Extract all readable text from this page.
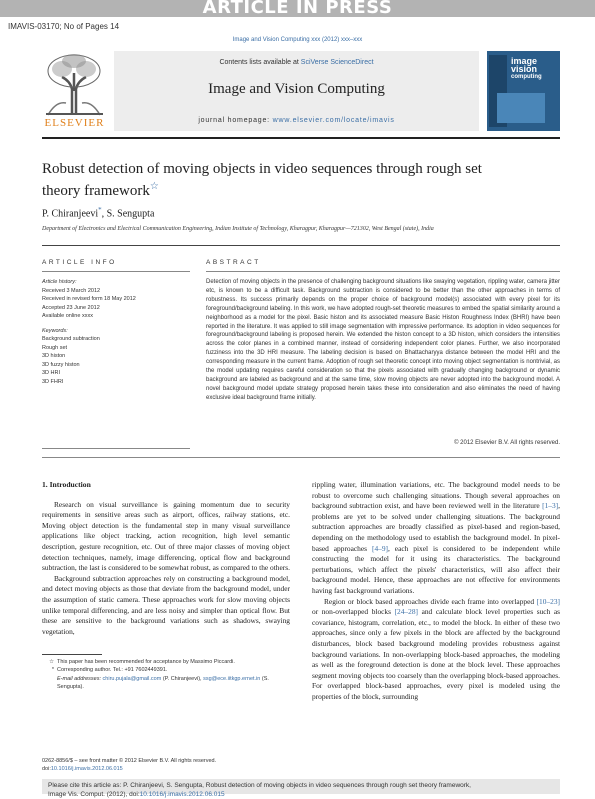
ARTICLE IN PRESS
IMAVIS-03170; No of Pages 14
Image and Vision Computing xxx (2012) xxx–xxx
ELSEVIER
Contents lists available at SciVerse ScienceDirect
Image and Vision Computing
journal homepage: www.elsevier.com/locate/imavis
image
vision
computing
Robust detection of moving objects in video sequences through rough set theory framework☆
P. Chiranjeevi*, S. Sengupta
Department of Electronics and Electrical Communication Engineering, Indian Institute of Technology, Kharagpur, Kharagpur—721302, West Bengal (state), India
ARTICLE INFO	ABSTRACT
Article history:
Received 3 March 2012
Received in revised form 18 May 2012
Accepted 23 June 2012
Available online xxxx
Keywords:
Background subtraction
Rough set
3D histon
3D fuzzy histon
3D HRI
3D FHRI
Detection of moving objects in the presence of challenging background situations like swaying vegetation, rippling water, camera jitter etc, is known to be a difficult task. Background subtraction is considered to be better than the other approaches in terms of robustness. Its success primarily depends on the proper choice of background model(s) associated with every pixel for its foreground/background labeling. In this work, we have adopted rough-set theoretic measures to embed the spatial similarity around a neighborhood as a model for the pixel. Basic histon and its associated measure Basic Histon Roughness Index (BHRI) have been reported in the literature. It was applied to still image segmentation with impressive performance. Its adoption in video sequences for foreground/background labeling is proposed herein. We extended the histon concept to a 3D histon, which considers the intensities across the color planes in a combined manner, instead of considering independent color planes. Further, we also incorporated fuzziness into the 3D HRI measure. The labeling decision is based on Bhattacharyya distance between the model HRI and the corresponding measure in the current frame. Adoption of rough set theoretic concept into moving object segmentation is nontrivial, as the model updating requires careful consideration so that the pixels associated with gradually changing background or dynamic background are labeled as background and at the same time, slow moving objects are never adopted into the background model. A novel background model update strategy proposed herein takes these into consideration and also eliminates the need of having exclusive ideal background frame initially.
© 2012 Elsevier B.V. All rights reserved.
1. Introduction

Research on visual surveillance is gaining momentum due to security requirements in sensitive areas such as airport, offices, railway stations, etc. Moving object detection is the fundamental step in many visual surveillance applications like object tracking, action recognition, high level semantic description, gesture recognition, etc. Out of three major classes of moving object detection techniques, namely, image differencing, optical flow and background subtraction, the last is considered to be somewhat robust, as compared to the others.

Background subtraction approaches rely on constructing a background model, and detect moving objects as those that deviate from the background model, under the assumption of static camera. These approaches work for slow moving objects unlike temporal differencing, and are less noisy and simpler than optical flow. But these are sensitive to the background variations such as shadows, swaying vegetation,

rippling water, illumination variations, etc. The background model needs to be robust to overcome such challenging situations. Though several approaches on background subtraction exist, and have been reviewed well in the literature [1–3], problems are yet to be solved under challenging situations. The background subtraction approaches are broadly classified as pixel-based and region-based, depending on the methodology used to establish the background model. In pixel-based approaches [4–9], each pixel is considered to be independent while constructing the model for it using its characteristics. The background perturbations, which affect the pixels' characteristics, will also affect their background model. Hence, these approaches are not effective for environments having fast background variations.

Region or block based approaches divide each frame into overlapped [10–23] or non-overlapped blocks [24–28] and calculate block level properties such as covariance, histogram, correlation, etc., to model the block. In either of these two approaches, since only a few pixels in the block are affected by the background disturbances, block based background modeling provides robustness against background variations. In non-overlapping block-based approaches, the modeling as well as the foreground detection is done at the block level. These approaches segment moving objects too coarsely than the overlapping block-based approaches. For overlapped block-based approaches, every pixel is modeled using the properties of the block, surrounding

☆ This paper has been recommended for acceptance by Massimo Piccardi.
* Corresponding author. Tel.: +91 7602449391.
E-mail addresses: chiru.pujala@gmail.com (P. Chiranjeevi), ssg@ece.iitkgp.ernet.in (S. Sengupta).
0262-8856/$ – see front matter © 2012 Elsevier B.V. All rights reserved.
doi:10.1016/j.imavis.2012.06.015
Please cite this article as: P. Chiranjeevi, S. Sengupta, Robust detection of moving objects in video sequences through rough set theory framework,
Image Vis. Comput. (2012), doi:10.1016/j.imavis.2012.06.015
